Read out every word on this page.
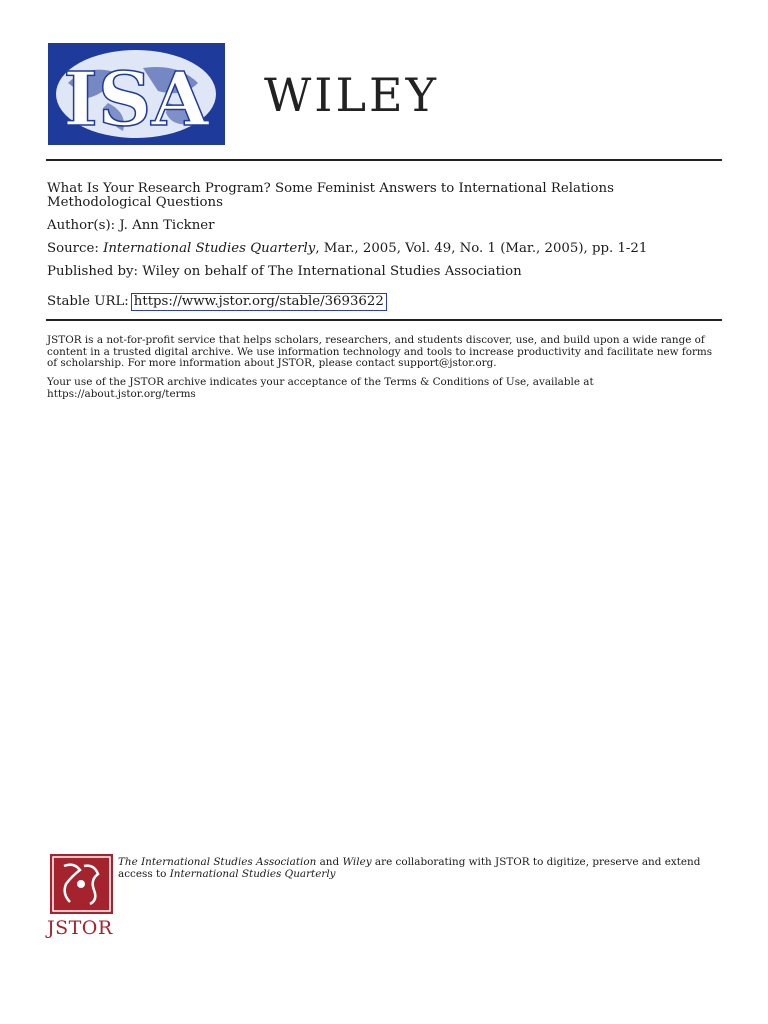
ISA WILEY
What Is Your Research Program? Some Feminist Answers to International Relations Methodological Questions
Author(s): J. Ann Tickner
Source: International Studies Quarterly, Mar., 2005, Vol. 49, No. 1 (Mar., 2005), pp. 1-21
Published by: Wiley on behalf of The International Studies Association
Stable URL: https://www.jstor.org/stable/3693622
JSTOR is a not-for-profit service that helps scholars, researchers, and students discover, use, and build upon a wide range of content in a trusted digital archive. We use information technology and tools to increase productivity and facilitate new forms of scholarship. For more information about JSTOR, please contact support@jstor.org.
Your use of the JSTOR archive indicates your acceptance of the Terms & Conditions of Use, available at https://about.jstor.org/terms
JSTOR
The International Studies Association and Wiley are collaborating with JSTOR to digitize, preserve and extend access to International Studies Quarterly
